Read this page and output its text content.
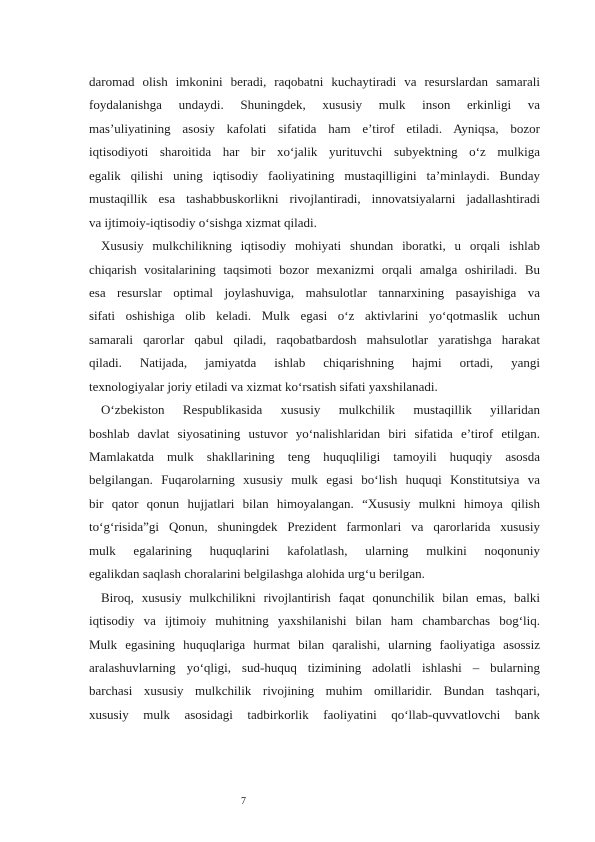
daromad olish imkonini beradi, raqobatni kuchaytiradi va resurslardan samarali
foydalanishga undaydi. Shuningdek, xususiy mulk inson erkinligi va
mas’uliyatining asosiy kafolati sifatida ham e’tirof etiladi. Ayniqsa, bozor
iqtisodiyoti sharoitida har bir xo‘jalik yurituvchi subyektning o‘z mulkiga
egalik qilishi uning iqtisodiy faoliyatining mustaqilligini ta’minlaydi. Bunday
mustaqillik esa tashabbuskorlikni rivojlantiradi, innovatsiyalarni jadallashtiradi
va ijtimoiy-iqtisodiy o‘sishga xizmat qiladi.
Xususiy mulkchilikning iqtisodiy mohiyati shundan iboratki, u orqali ishlab
chiqarish vositalarining taqsimoti bozor mexanizmi orqali amalga oshiriladi. Bu
esa resurslar optimal joylashuviga, mahsulotlar tannarxining pasayishiga va
sifati oshishiga olib keladi. Mulk egasi o‘z aktivlarini yo‘qotmaslik uchun
samarali qarorlar qabul qiladi, raqobatbardosh mahsulotlar yaratishga harakat
qiladi. Natijada, jamiyatda ishlab chiqarishning hajmi ortadi, yangi
texnologiyalar joriy etiladi va xizmat ko‘rsatish sifati yaxshilanadi.
O‘zbekiston Respublikasida xususiy mulkchilik mustaqillik yillaridan
boshlab davlat siyosatining ustuvor yo‘nalishlaridan biri sifatida e’tirof etilgan.
Mamlakatda mulk shakllarining teng huquqliligi tamoyili huquqiy asosda
belgilangan. Fuqarolarning xususiy mulk egasi bo‘lish huquqi Konstitutsiya va
bir qator qonun hujjatlari bilan himoyalangan. “Xususiy mulkni himoya qilish
to‘g‘risida”gi Qonun, shuningdek Prezident farmonlari va qarorlarida xususiy
mulk egalarining huquqlarini kafolatlash, ularning mulkini noqonuniy
egalikdan saqlash choralarini belgilashga alohida urg‘u berilgan.
Biroq, xususiy mulkchilikni rivojlantirish faqat qonunchilik bilan emas, balki
iqtisodiy va ijtimoiy muhitning yaxshilanishi bilan ham chambarchas bog‘liq.
Mulk egasining huquqlariga hurmat bilan qaralishi, ularning faoliyatiga asossiz
aralashuvlarning yo‘qligi, sud-huquq tizimining adolatli ishlashi – bularning
barchasi xususiy mulkchilik rivojining muhim omillaridir. Bundan tashqari,
xususiy mulk asosidagi tadbirkorlik faoliyatini qo‘llab-quvvatlovchi bank
7
